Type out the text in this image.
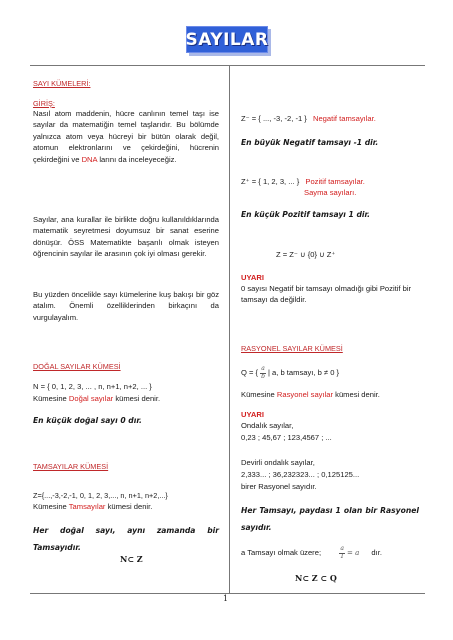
SAYILAR
SAYI KÜMELERİ:
GİRİŞ:
Nasıl atom maddenin, hücre canlının temel taşı ise sayılar da matematiğin temel taşlarıdır. Bu bölümde yalnızca atom veya hücreyi bir bütün olarak değil, atomun elektronlarını ve çekirdeğini, hücrenin çekirdeğini ve DNA larını da inceleyeceğiz.
Sayılar, ana kurallar ile birlikte doğru kullanıldıklarında matematik seyretmesi doyumsuz bir sanat eserine dönüşür. ÖSS Matematikte başarılı olmak isteyen öğrencinin sayılar ile arasının çok iyi olması gerekir.
Bu yüzden öncelikle sayı kümelerine kuş bakışı bir göz atalım. Önemli özelliklerinden birkaçını da vurgulayalım.
DOĞAL SAYILAR KÜMESİ
N = { 0, 1, 2, 3, ... , n, n+1, n+2, ... }
Kümesine Doğal sayılar kümesi denir.
En küçük doğal sayı 0 dır.
TAMSAYILAR KÜMESİ
Z={...,-3,-2,-1, 0, 1, 2, 3,..., n, n+1, n+2,...}
Kümesine Tamsayılar kümesi denir.
Her doğal sayı, aynı zamanda bir Tamsayıdır.
N⊂ Z
Z⁻ = { ..., -3, -2, -1 } Negatif tamsayılar.
En büyük Negatif tamsayı -1 dir.
Z⁺ = { 1, 2, 3, ... } Pozitif tamsayılar.
Sayma sayıları.
En küçük Pozitif tamsayı 1 dir.
Z = Z⁻ ∪ {0} ∪ Z⁺
UYARI
0 sayısı Negatif bir tamsayı olmadığı gibi Pozitif bir tamsayı da değildir.
RASYONEL SAYILAR KÜMESİ
Q = { $\frac{a}{b}$ | a, b tamsayı, b ≠ 0 }
Kümesine Rasyonel sayılar kümesi denir.
UYARI
Ondalık sayılar,
0,23 ; 45,67 ; 123,4567 ; ...
Devirli ondalık sayılar,
2,333... ; 36,232323... ; 0,125125...
birer Rasyonel sayıdır.
Her Tamsayı, paydası 1 olan bir Rasyonel sayıdır.
a Tamsayı olmak üzere;	$\frac{a}{1} = a$ dır.
N⊂ Z ⊂ Q
1
